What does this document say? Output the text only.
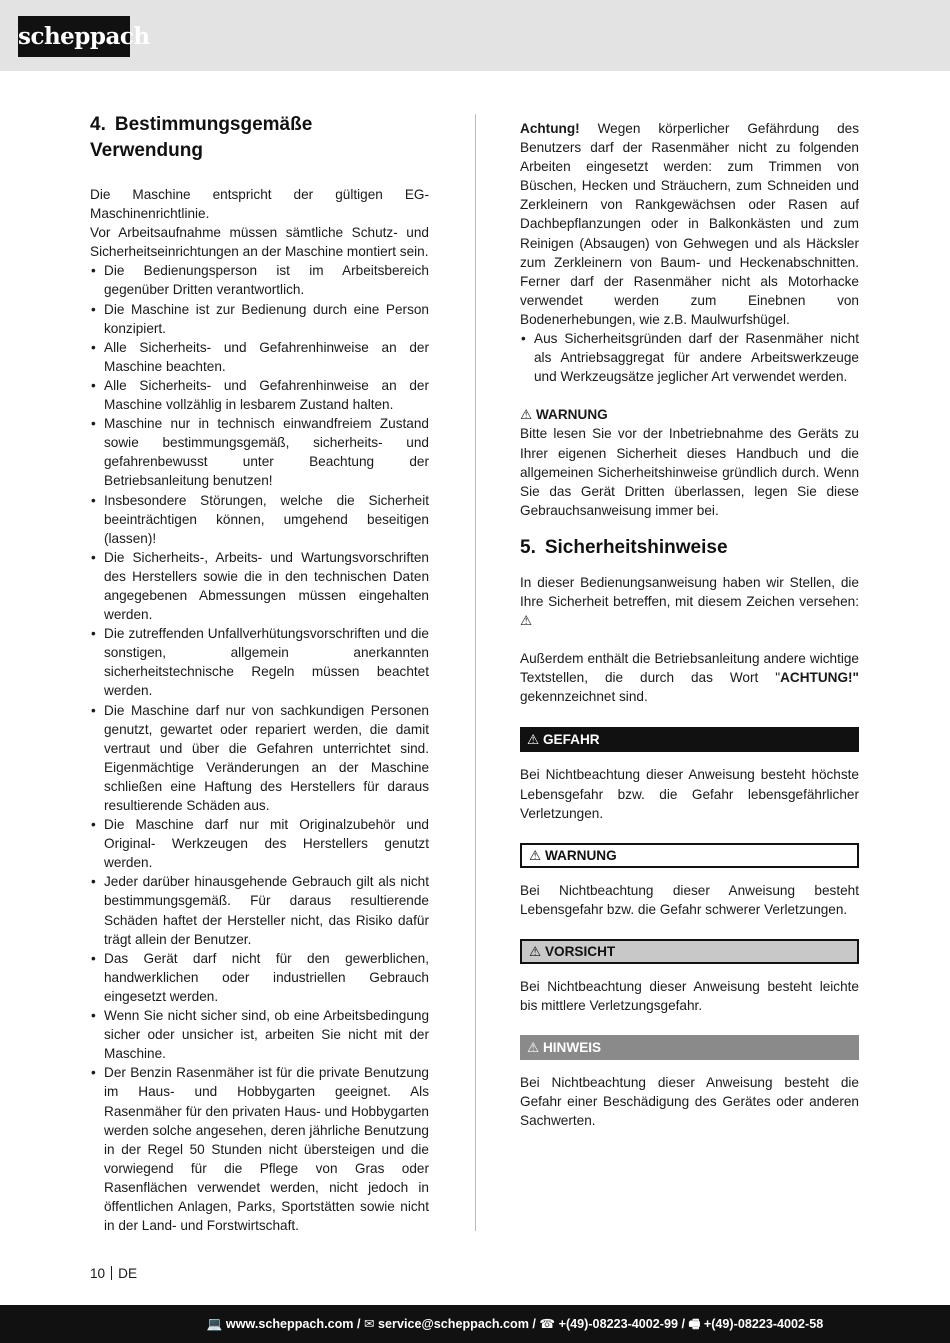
scheppach
4. Bestimmungsgemäße Verwendung

Die Maschine entspricht der gültigen EG-Maschinenrichtlinie.

Vor Arbeitsaufnahme müssen sämtliche Schutz- und Sicherheitseinrichtungen an der Maschine montiert sein.

• Die Bedienungsperson ist im Arbeitsbereich gegenüber Dritten verantwortlich.
• Die Maschine ist zur Bedienung durch eine Person konzipiert.
• Alle Sicherheits- und Gefahrenhinweise an der Maschine beachten.
• Alle Sicherheits- und Gefahrenhinweise an der Maschine vollzählig in lesbarem Zustand halten.
• Maschine nur in technisch einwandfreiem Zustand sowie bestimmungsgemäß, sicherheits- und gefahrenbewusst unter Beachtung der Betriebsanleitung benutzen!
• Insbesondere Störungen, welche die Sicherheit beeinträchtigen können, umgehend beseitigen (lassen)!
• Die Sicherheits-, Arbeits- und Wartungsvorschriften des Herstellers sowie die in den technischen Daten angegebenen Abmessungen müssen eingehalten werden.
• Die zutreffenden Unfallverhütungsvorschriften und die sonstigen, allgemein anerkannten sicherheitstechnische Regeln müssen beachtet werden.
• Die Maschine darf nur von sachkundigen Personen genutzt, gewartet oder repariert werden, die damit vertraut und über die Gefahren unterrichtet sind. Eigenmächtige Veränderungen an der Maschine schließen eine Haftung des Herstellers für daraus resultierende Schäden aus.
• Die Maschine darf nur mit Originalzubehör und Original- Werkzeugen des Herstellers genutzt werden.
• Jeder darüber hinausgehende Gebrauch gilt als nicht bestimmungsgemäß. Für daraus resultierende Schäden haftet der Hersteller nicht, das Risiko dafür trägt allein der Benutzer.
• Das Gerät darf nicht für den gewerblichen, handwerklichen oder industriellen Gebrauch eingesetzt werden.
• Wenn Sie nicht sicher sind, ob eine Arbeitsbedingung sicher oder unsicher ist, arbeiten Sie nicht mit der Maschine.
• Der Benzin Rasenmäher ist für die private Benutzung im Haus- und Hobbygarten geeignet. Als Rasenmäher für den privaten Haus- und Hobbygarten werden solche angesehen, deren jährliche Benutzung in der Regel 50 Stunden nicht übersteigen und die vorwiegend für die Pflege von Gras oder Rasenflächen verwendet werden, nicht jedoch in öffentlichen Anlagen, Parks, Sportstätten sowie nicht in der Land- und Forstwirtschaft.

Achtung! Wegen körperlicher Gefährdung des Benutzers darf der Rasenmäher nicht zu folgenden Arbeiten eingesetzt werden: zum Trimmen von Büschen, Hecken und Sträuchern, zum Schneiden und Zerkleinern von Rankgewächsen oder Rasen auf Dachbepflanzungen oder in Balkonkästen und zum Reinigen (Absaugen) von Gehwegen und als Häcksler zum Zerkleinern von Baum- und Heckenabschnitten. Ferner darf der Rasenmäher nicht als Motorhacke verwendet werden zum Einebnen von Bodenerhebungen, wie z.B. Maulwurfshügel.

• Aus Sicherheitsgründen darf der Rasenmäher nicht als Antriebsaggregat für andere Arbeitswerkzeuge und Werkzeugsätze jeglicher Art verwendet werden.

⚠ WARNUNG

Bitte lesen Sie vor der Inbetriebnahme des Geräts zu Ihrer eigenen Sicherheit dieses Handbuch und die allgemeinen Sicherheitshinweise gründlich durch. Wenn Sie das Gerät Dritten überlassen, legen Sie diese Gebrauchsanweisung immer bei.

5. Sicherheitshinweise

In dieser Bedienungsanweisung haben wir Stellen, die Ihre Sicherheit betreffen, mit diesem Zeichen versehen: ⚠

Außerdem enthält die Betriebsanleitung andere wichtige Textstellen, die durch das Wort "ACHTUNG!" gekennzeichnet sind.

⚠ GEFAHR

Bei Nichtbeachtung dieser Anweisung besteht höchste Lebensgefahr bzw. die Gefahr lebensgefährlicher Verletzungen.

⚠ WARNUNG

Bei Nichtbeachtung dieser Anweisung besteht Lebensgefahr bzw. die Gefahr schwerer Verletzungen.

⚠ VORSICHT

Bei Nichtbeachtung dieser Anweisung besteht leichte bis mittlere Verletzungsgefahr.

⚠ HINWEIS

Bei Nichtbeachtung dieser Anweisung besteht die Gefahr einer Beschädigung des Gerätes oder anderen Sachwerten.

10 DE
💻 www.scheppach.com / ✉ service@scheppach.com / ☎ +(49)-08223-4002-99 / 🖷 +(49)-08223-4002-58
